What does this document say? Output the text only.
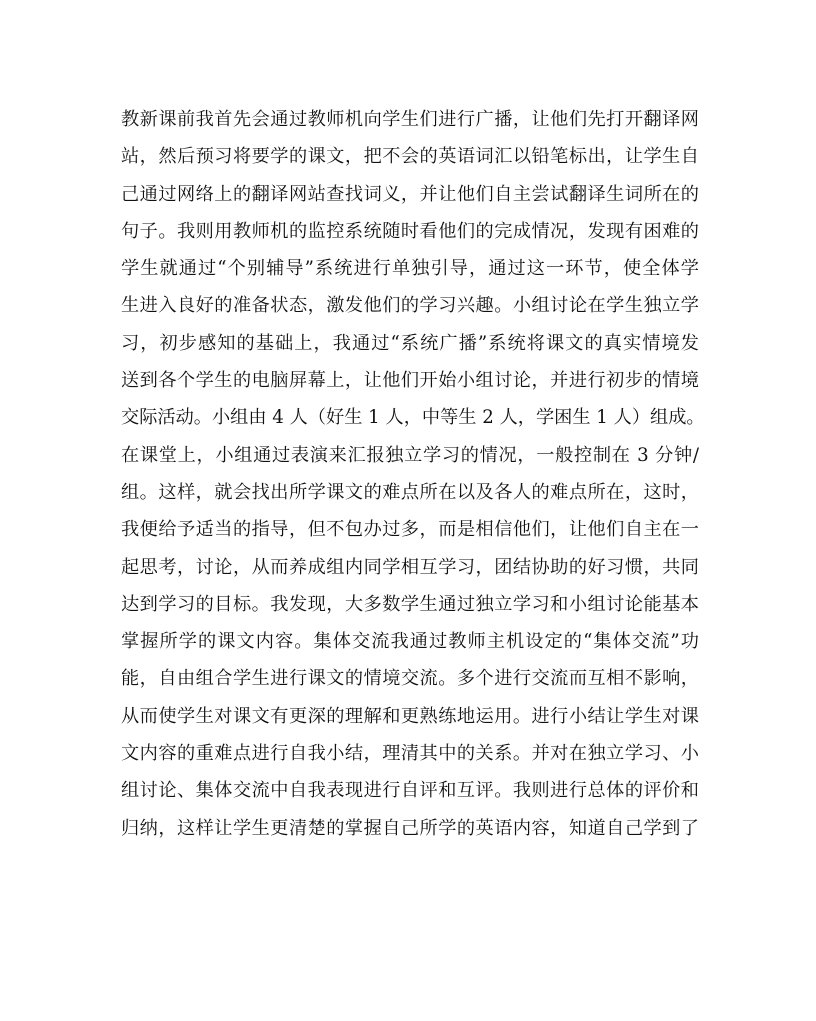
教新课前我首先会通过教师机向学生们进行广播，让他们先打开翻译网
站，然后预习将要学的课文，把不会的英语词汇以铅笔标出，让学生自
己通过网络上的翻译网站查找词义，并让他们自主尝试翻译生词所在的
句子。我则用教师机的监控系统随时看他们的完成情况，发现有困难的
学生就通过“个别辅导”系统进行单独引导，通过这一环节，使全体学
生进入良好的准备状态，激发他们的学习兴趣。小组讨论在学生独立学
习，初步感知的基础上，我通过“系统广播”系统将课文的真实情境发
送到各个学生的电脑屏幕上，让他们开始小组讨论，并进行初步的情境
交际活动。小组由 4 人（好生 1 人，中等生 2 人，学困生 1 人）组成。
在课堂上，小组通过表演来汇报独立学习的情况，一般控制在 3 分钟/
组。这样，就会找出所学课文的难点所在以及各人的难点所在，这时，
我便给予适当的指导，但不包办过多，而是相信他们，让他们自主在一
起思考，讨论，从而养成组内同学相互学习，团结协助的好习惯，共同
达到学习的目标。我发现，大多数学生通过独立学习和小组讨论能基本
掌握所学的课文内容。集体交流我通过教师主机设定的“集体交流”功
能，自由组合学生进行课文的情境交流。多个进行交流而互相不影响，
从而使学生对课文有更深的理解和更熟练地运用。进行小结让学生对课
文内容的重难点进行自我小结，理清其中的关系。并对在独立学习、小
组讨论、集体交流中自我表现进行自评和互评。我则进行总体的评价和
归纳，这样让学生更清楚的掌握自己所学的英语内容，知道自己学到了
